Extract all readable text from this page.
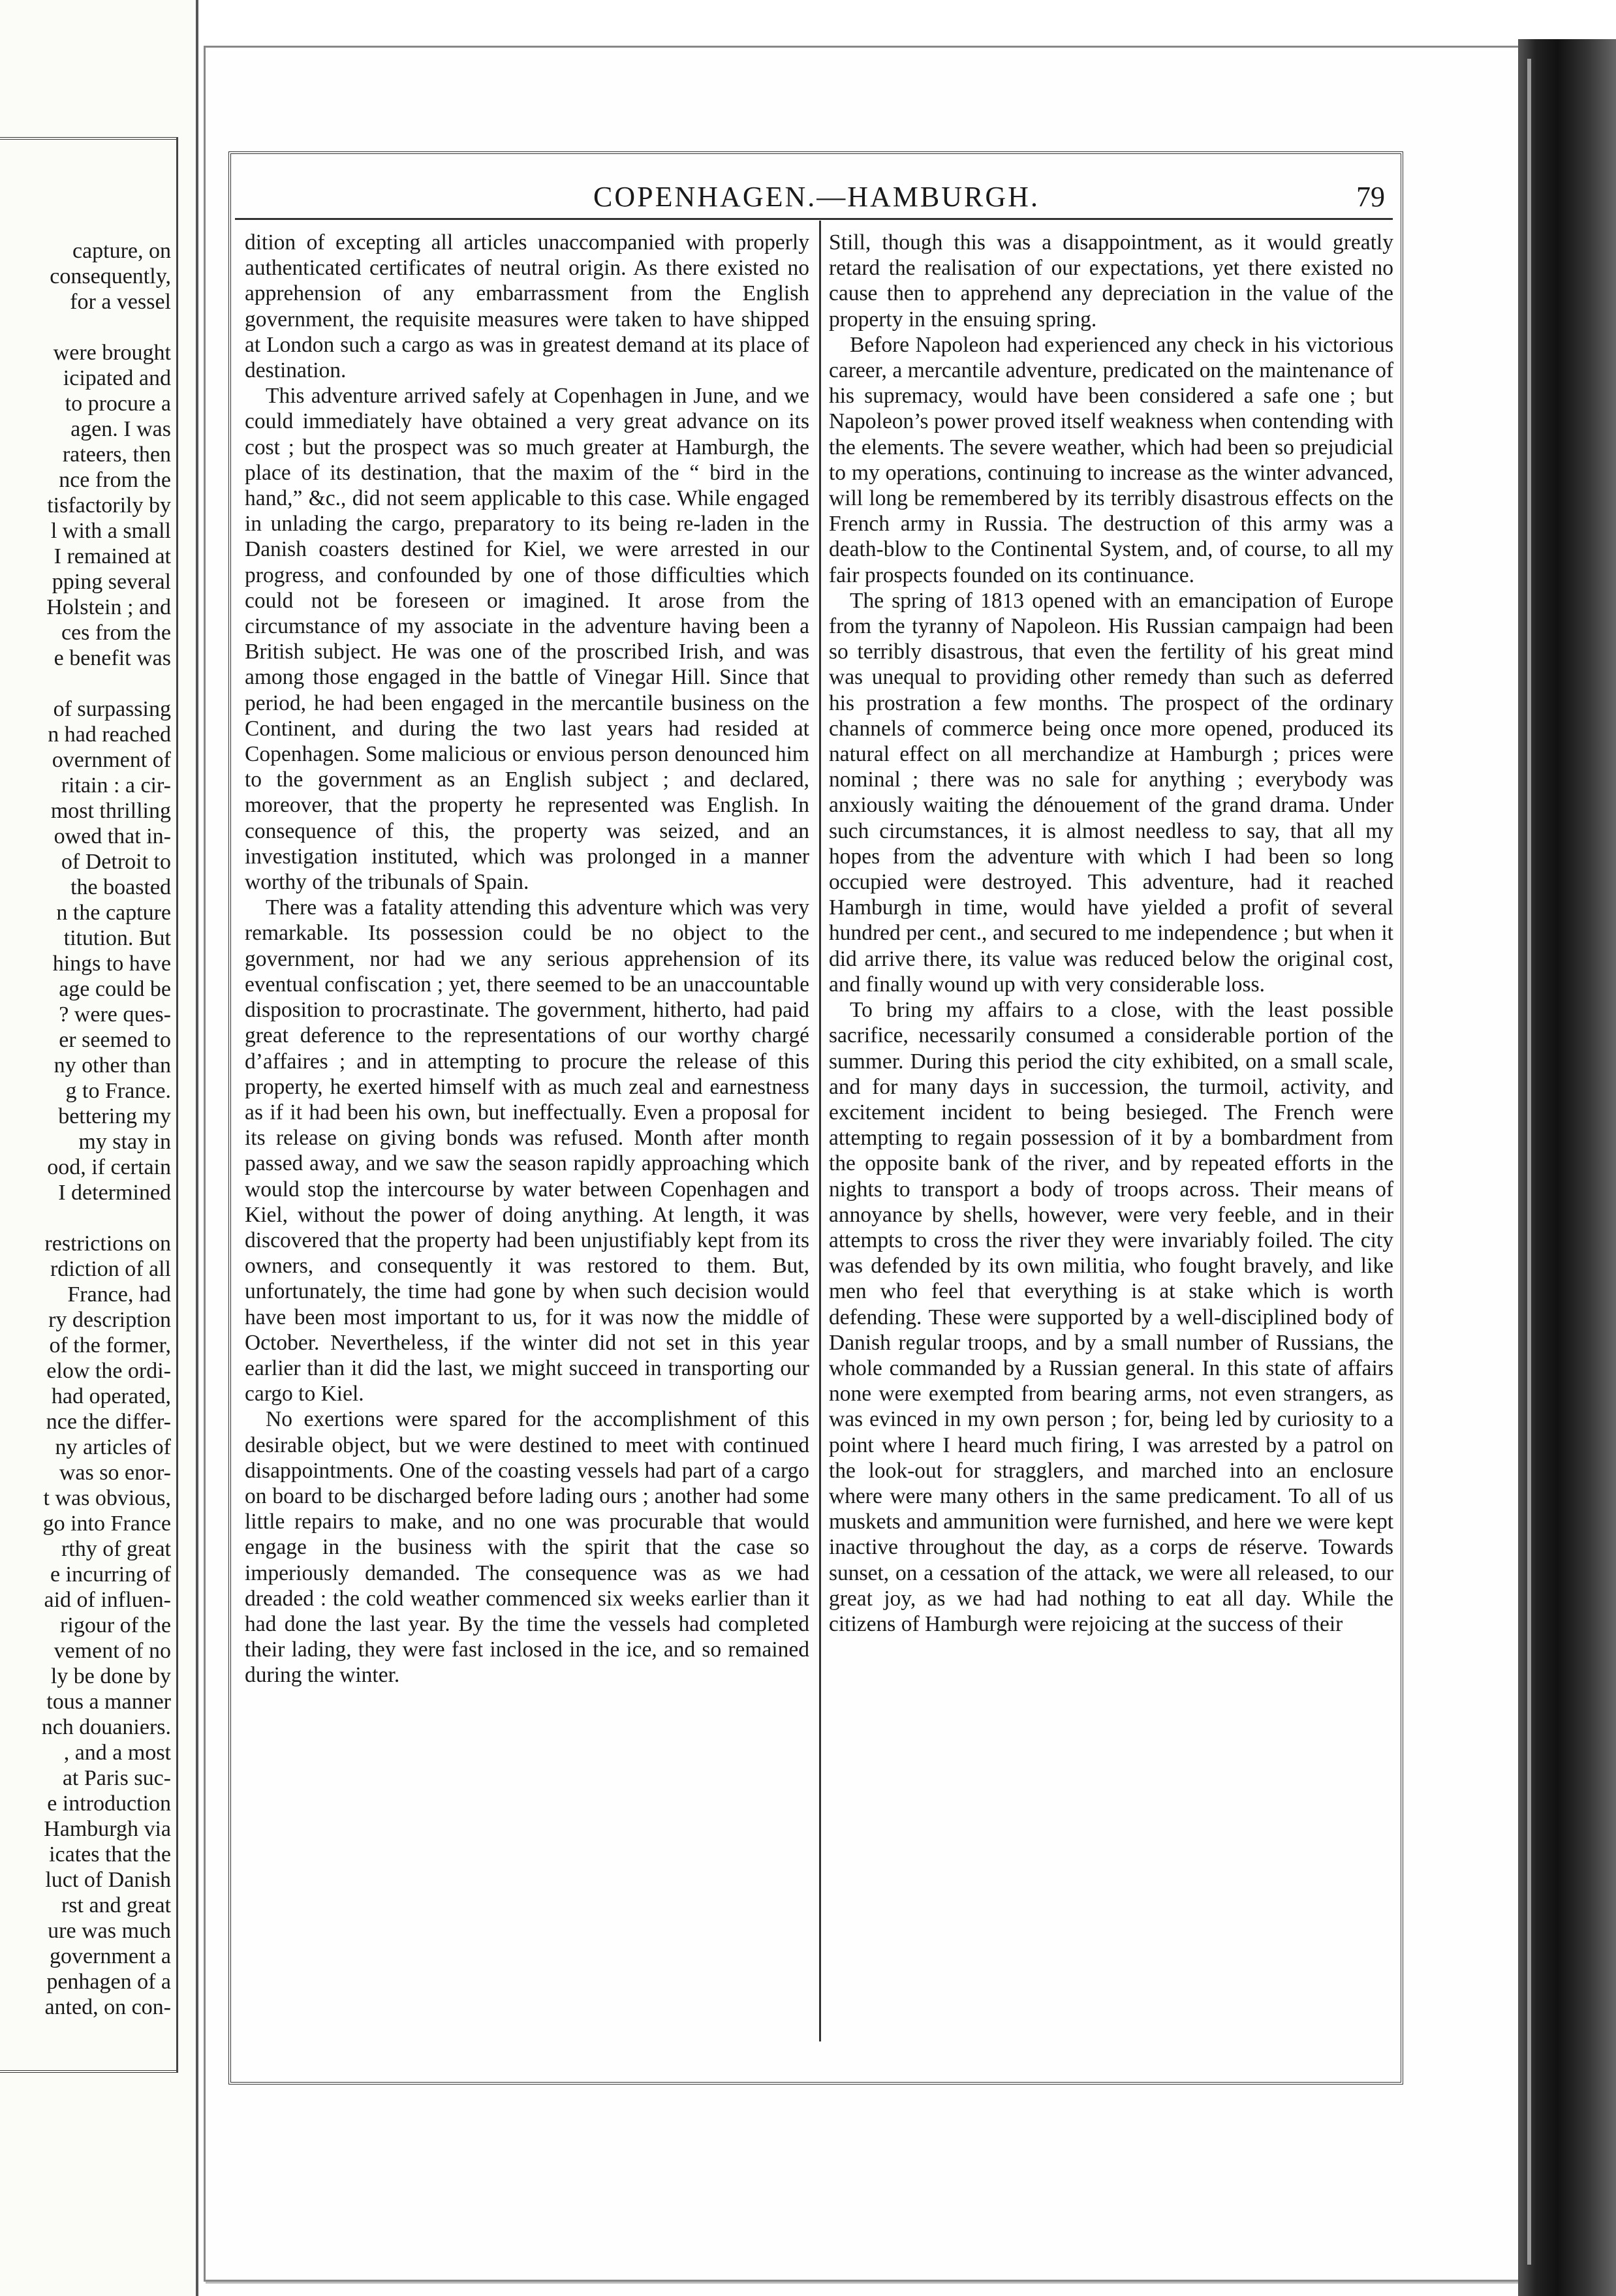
capture, on
consequently,
for a vessel
were brought
icipated and
to procure a
agen. I was
rateers, then
nce from the
tisfactorily by
l with a small
I remained at
pping several
Holstein ; and
ces from the
e benefit was
of surpassing
n had reached
overnment of
ritain : a cir-
most thrilling
owed that in-
of Detroit to
the boasted
n the capture
titution. But
hings to have
age could be
? were ques-
er seemed to
ny other than
g to France.
bettering my
my stay in
ood, if certain
I determined
restrictions on
rdiction of all
France, had
ry description
of the former,
elow the ordi-
had operated,
nce the differ-
ny articles of
was so enor-
t was obvious,
go into France
rthy of great
e incurring of
aid of influen-
rigour of the
vement of no
ly be done by
tous a manner
nch douaniers.
, and a most
at Paris suc-
e introduction
Hamburgh via
icates that the
luct of Danish
rst and great
ure was much
government a
penhagen of a
anted, on con-
COPENHAGEN.—HAMBURGH.	79

dition of excepting all articles unaccompanied with properly authenticated certificates of neutral origin. As there existed no apprehension of any embarrassment from the English government, the requisite measures were taken to have shipped at London such a cargo as was in greatest demand at its place of destination.

This adventure arrived safely at Copenhagen in June, and we could immediately have obtained a very great advance on its cost ; but the prospect was so much greater at Hamburgh, the place of its destination, that the maxim of the “ bird in the hand,” &c., did not seem applicable to this case. While engaged in unlading the cargo, preparatory to its being re-laden in the Danish coasters destined for Kiel, we were arrested in our progress, and confounded by one of those difficulties which could not be foreseen or imagined. It arose from the circumstance of my associate in the adventure having been a British subject. He was one of the proscribed Irish, and was among those engaged in the battle of Vinegar Hill. Since that period, he had been engaged in the mercantile business on the Continent, and during the two last years had resided at Copenhagen. Some malicious or envious person denounced him to the government as an English subject ; and declared, moreover, that the property he represented was English. In consequence of this, the property was seized, and an investigation instituted, which was prolonged in a manner worthy of the tribunals of Spain.

There was a fatality attending this adventure which was very remarkable. Its possession could be no object to the government, nor had we any serious apprehension of its eventual confiscation ; yet, there seemed to be an unaccountable disposition to procrastinate. The government, hitherto, had paid great deference to the representations of our worthy chargé d’affaires ; and in attempting to procure the release of this property, he exerted himself with as much zeal and earnestness as if it had been his own, but ineffectually. Even a proposal for its release on giving bonds was refused. Month after month passed away, and we saw the season rapidly approaching which would stop the intercourse by water between Copenhagen and Kiel, without the power of doing anything. At length, it was discovered that the property had been unjustifiably kept from its owners, and consequently it was restored to them. But, unfortunately, the time had gone by when such decision would have been most important to us, for it was now the middle of October. Nevertheless, if the winter did not set in this year earlier than it did the last, we might succeed in transporting our cargo to Kiel.

No exertions were spared for the accomplishment of this desirable object, but we were destined to meet with continued disappointments. One of the coasting vessels had part of a cargo on board to be discharged before lading ours ; another had some little repairs to make, and no one was procurable that would engage in the business with the spirit that the case so imperiously demanded. The consequence was as we had dreaded : the cold weather commenced six weeks earlier than it had done the last year. By the time the vessels had completed their lading, they were fast inclosed in the ice, and so remained during the winter.

Still, though this was a disappointment, as it would greatly retard the realisation of our expectations, yet there existed no cause then to apprehend any depreciation in the value of the property in the ensuing spring.

Before Napoleon had experienced any check in his victorious career, a mercantile adventure, predicated on the maintenance of his supremacy, would have been considered a safe one ; but Napoleon’s power proved itself weakness when contending with the elements. The severe weather, which had been so prejudicial to my operations, continuing to increase as the winter advanced, will long be remembered by its terribly disastrous effects on the French army in Russia. The destruction of this army was a death-blow to the Continental System, and, of course, to all my fair prospects founded on its continuance.

The spring of 1813 opened with an emancipation of Europe from the tyranny of Napoleon. His Russian campaign had been so terribly disastrous, that even the fertility of his great mind was unequal to providing other remedy than such as deferred his prostration a few months. The prospect of the ordinary channels of commerce being once more opened, produced its natural effect on all merchandize at Hamburgh ; prices were nominal ; there was no sale for anything ; everybody was anxiously waiting the dénouement of the grand drama. Under such circumstances, it is almost needless to say, that all my hopes from the adventure with which I had been so long occupied were destroyed. This adventure, had it reached Hamburgh in time, would have yielded a profit of several hundred per cent., and secured to me independence ; but when it did arrive there, its value was reduced below the original cost, and finally wound up with very considerable loss.

To bring my affairs to a close, with the least possible sacrifice, necessarily consumed a considerable portion of the summer. During this period the city exhibited, on a small scale, and for many days in succession, the turmoil, activity, and excitement incident to being besieged. The French were attempting to regain possession of it by a bombardment from the opposite bank of the river, and by repeated efforts in the nights to transport a body of troops across. Their means of annoyance by shells, however, were very feeble, and in their attempts to cross the river they were invariably foiled. The city was defended by its own militia, who fought bravely, and like men who feel that everything is at stake which is worth defending. These were supported by a well-disciplined body of Danish regular troops, and by a small number of Russians, the whole commanded by a Russian general. In this state of affairs none were exempted from bearing arms, not even strangers, as was evinced in my own person ; for, being led by curiosity to a point where I heard much firing, I was arrested by a patrol on the look-out for stragglers, and marched into an enclosure where were many others in the same predicament. To all of us muskets and ammunition were furnished, and here we were kept inactive throughout the day, as a corps de réserve. Towards sunset, on a cessation of the attack, we were all released, to our great joy, as we had had nothing to eat all day. While the citizens of Hamburgh were rejoicing at the success of their
